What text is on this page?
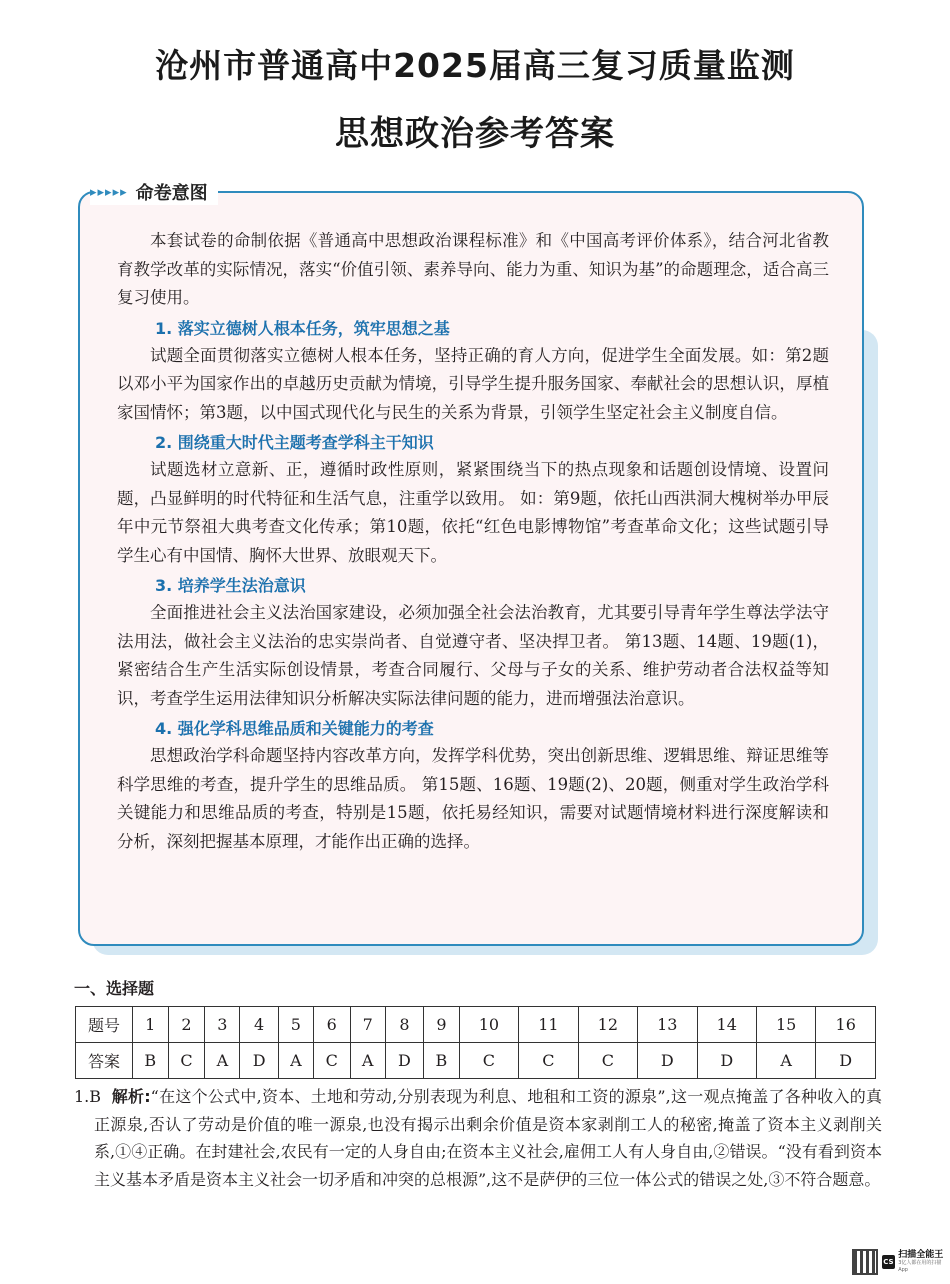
沧州市普通高中2025届高三复习质量监测
思想政治参考答案
▸▸▸▸▸ 命卷意图

本套试卷的命制依据《普通高中思想政治课程标准》和《中国高考评价体系》，结合河北省教育教学改革的实际情况，落实“价值引领、素养导向、能力为重、知识为基”的命题理念，适合高三复习使用。

1. 落实立德树人根本任务，筑牢思想之基

试题全面贯彻落实立德树人根本任务，坚持正确的育人方向，促进学生全面发展。如：第2题以邓小平为国家作出的卓越历史贡献为情境，引导学生提升服务国家、奉献社会的思想认识，厚植家国情怀；第3题，以中国式现代化与民生的关系为背景，引领学生坚定社会主义制度自信。

2. 围绕重大时代主题考查学科主干知识

试题选材立意新、正，遵循时政性原则，紧紧围绕当下的热点现象和话题创设情境、设置问题，凸显鲜明的时代特征和生活气息，注重学以致用。 如：第9题，依托山西洪洞大槐树举办甲辰年中元节祭祖大典考查文化传承；第10题，依托“红色电影博物馆”考查革命文化；这些试题引导学生心有中国情、胸怀大世界、放眼观天下。

3. 培养学生法治意识

全面推进社会主义法治国家建设，必须加强全社会法治教育，尤其要引导青年学生尊法学法守法用法，做社会主义法治的忠实崇尚者、自觉遵守者、坚决捍卫者。 第13题、14题、19题(1)，紧密结合生产生活实际创设情景，考查合同履行、父母与子女的关系、维护劳动者合法权益等知识，考查学生运用法律知识分析解决实际法律问题的能力，进而增强法治意识。

4. 强化学科思维品质和关键能力的考查

思想政治学科命题坚持内容改革方向，发挥学科优势，突出创新思维、逻辑思维、辩证思维等科学思维的考查，提升学生的思维品质。 第15题、16题、19题(2)、20题，侧重对学生政治学科关键能力和思维品质的考查，特别是15题，依托易经知识，需要对试题情境材料进行深度解读和分析，深刻把握基本原理，才能作出正确的选择。

一、选择题
题号	1	2	3	4	5	6	7	8	9	10	11	12	13	14	15	16
答案	B	C	A	D	A	C	A	D	B	C	C	C	D	D	A	D

1.B 解析:“在这个公式中,资本、土地和劳动,分别表现为利息、地租和工资的源泉”,这一观点掩盖了各种收入的真正源泉,否认了劳动是价值的唯一源泉,也没有揭示出剩余价值是资本家剥削工人的秘密,掩盖了资本主义剥削关系,①④正确。在封建社会,农民有一定的人身自由;在资本主义社会,雇佣工人有人身自由,②错误。“没有看到资本主义基本矛盾是资本主义社会一切矛盾和冲突的总根源”,这不是萨伊的三位一体公式的错误之处,③不符合题意。

CS
扫描全能王
3亿人都在用的扫描App
